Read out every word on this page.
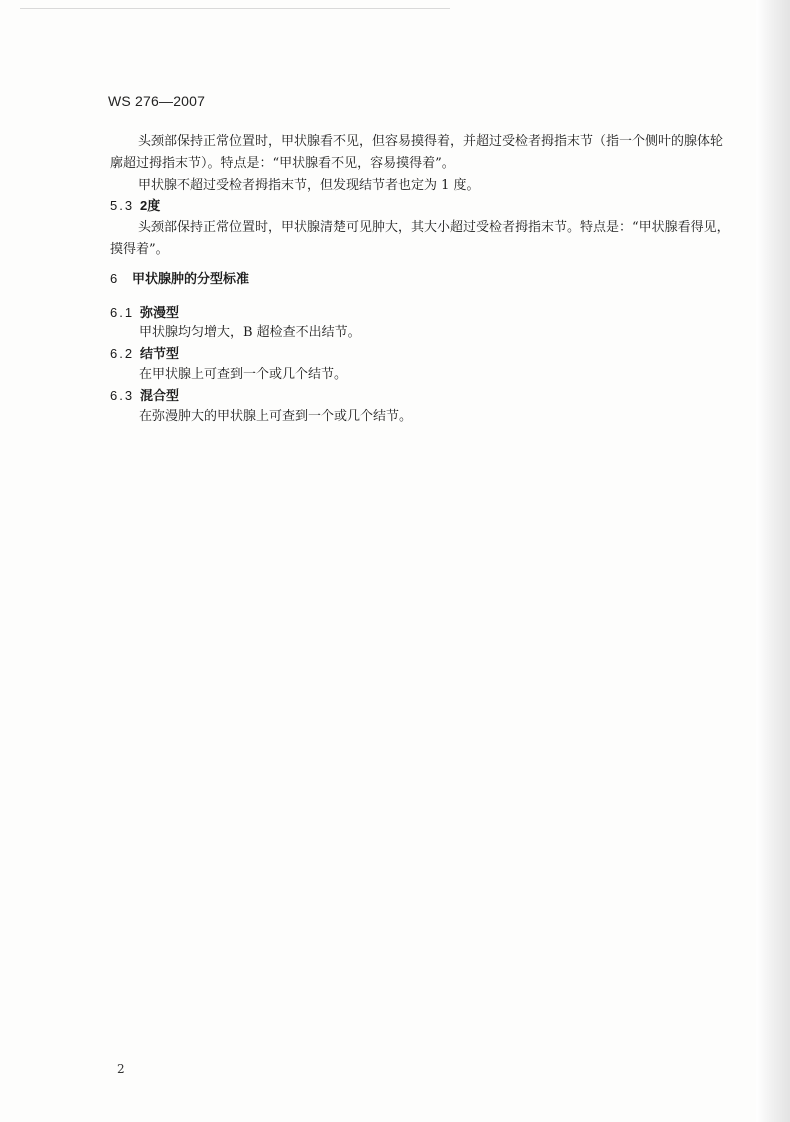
WS 276—2007

头颈部保持正常位置时，甲状腺看不见，但容易摸得着，并超过受检者拇指末节（指一个侧叶的腺体轮廓超过拇指末节）。特点是：“甲状腺看不见，容易摸得着”。

甲状腺不超过受检者拇指末节，但发现结节者也定为 1 度。

5.3 2度

头颈部保持正常位置时，甲状腺清楚可见肿大，其大小超过受检者拇指末节。特点是：“甲状腺看得见，摸得着”。

6 甲状腺肿的分型标准
6.1 弥漫型
甲状腺均匀增大，B 超检查不出结节。
6.2 结节型
在甲状腺上可查到一个或几个结节。
6.3 混合型
在弥漫肿大的甲状腺上可查到一个或几个结节。
2
